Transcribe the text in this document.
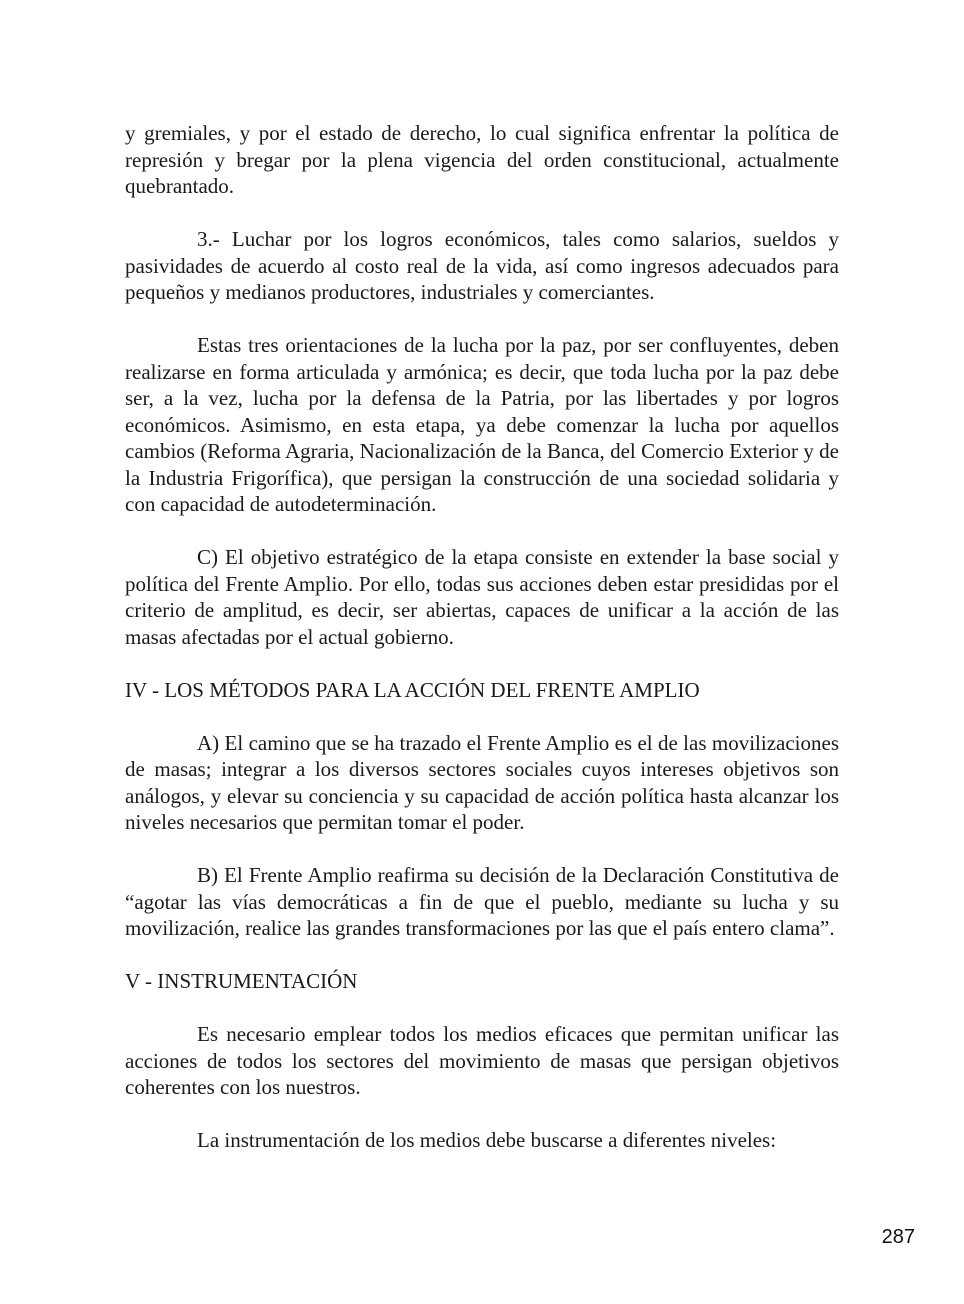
y gremiales, y por el estado de derecho, lo cual significa enfrentar la política de represión y bregar por la plena vigencia del orden constitucional, actualmente quebrantado.

3.- Luchar por los logros económicos, tales como salarios, sueldos y pasividades de acuerdo al costo real de la vida, así como ingresos adecuados para pequeños y medianos productores, industriales y comerciantes.

Estas tres orientaciones de la lucha por la paz, por ser confluyentes, deben realizarse en forma articulada y armónica; es decir, que toda lucha por la paz debe ser, a la vez, lucha por la defensa de la Patria, por las libertades y por logros económicos. Asimismo, en esta etapa, ya debe comenzar la lucha por aquellos cambios (Reforma Agraria, Nacionalización de la Banca, del Comercio Exterior y de la Industria Frigorífica), que persigan la construcción de una sociedad solidaria y con capacidad de autodeterminación.

C) El objetivo estratégico de la etapa consiste en extender la base social y política del Frente Amplio. Por ello, todas sus acciones deben estar presididas por el criterio de amplitud, es decir, ser abiertas, capaces de unificar a la acción de las masas afectadas por el actual gobierno.

IV - LOS MÉTODOS PARA LA ACCIÓN DEL FRENTE AMPLIO

A) El camino que se ha trazado el Frente Amplio es el de las movilizaciones de masas; integrar a los diversos sectores sociales cuyos intereses objetivos son análogos, y elevar su conciencia y su capacidad de acción política hasta alcanzar los niveles necesarios que permitan tomar el poder.

B) El Frente Amplio reafirma su decisión de la Declaración Constitutiva de “agotar las vías democráticas a fin de que el pueblo, mediante su lucha y su movilización, realice las grandes transformaciones por las que el país entero clama”.

V - INSTRUMENTACIÓN

Es necesario emplear todos los medios eficaces que permitan unificar las acciones de todos los sectores del movimiento de masas que persigan objetivos coherentes con los nuestros.

La instrumentación de los medios debe buscarse a diferentes niveles:

287
